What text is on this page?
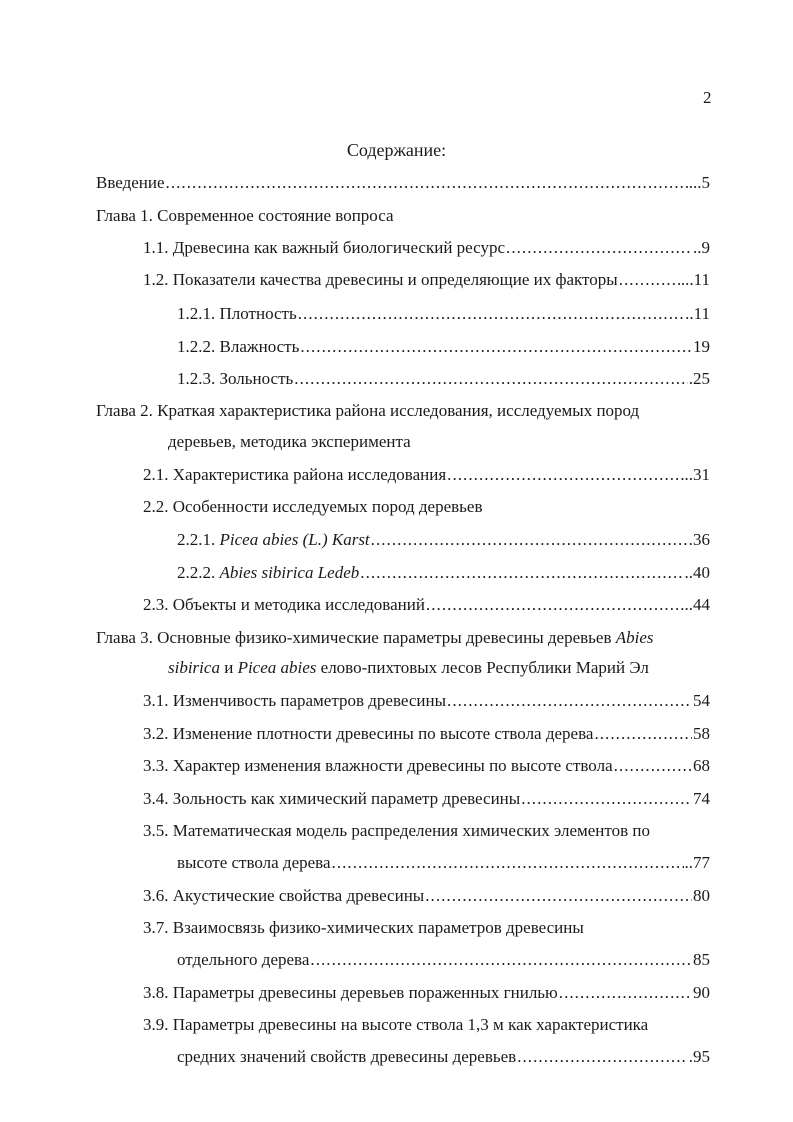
2
Содержание:
Введение . . .	...5
Глава 1. Современное состояние вопроса
1.1. Древесина как важный биологический ресурс . . .	..9
1.2. Показатели качества древесины и определяющие их факторы . . .	...11
1.2.1. Плотность . . .	..11
1.2.2. Влажность . . .	19
1.2.3. Зольность . . .	.25
Глава 2. Краткая характеристика района исследования, исследуемых пород
деревьев, методика эксперимента
2.1. Характеристика района исследования . . .	..31
2.2. Особенности исследуемых пород деревьев
2.2.1. Picea abies (L.) Karst . . .	36
2.2.2. Abies sibirica Ledeb . . .	..40
2.3. Объекты и методика исследований . . .	...44
Глава 3. Основные физико-химические параметры древесины деревьев Abies
sibirica и Picea abies елово-пихтовых лесов Республики Марий Эл
3.1. Изменчивость параметров древесины . . .	54
3.2. Изменение плотности древесины по высоте ствола дерева . . .	58
3.3. Характер изменения влажности древесины по высоте ствола . . .	68
3.4. Зольность как химический параметр древесины . . .	74
3.5. Математическая модель распределения химических элементов по
высоте ствола дерева . . .	..77
3.6. Акустические свойства древесины . . .	80
3.7. Взаимосвязь физико-химических параметров древесины
отдельного дерева . . .	85
3.8. Параметры древесины деревьев пораженных гнилью . . .	90
3.9. Параметры древесины на высоте ствола 1,3 м как характеристика
средних значений свойств древесины деревьев . . .	.95
